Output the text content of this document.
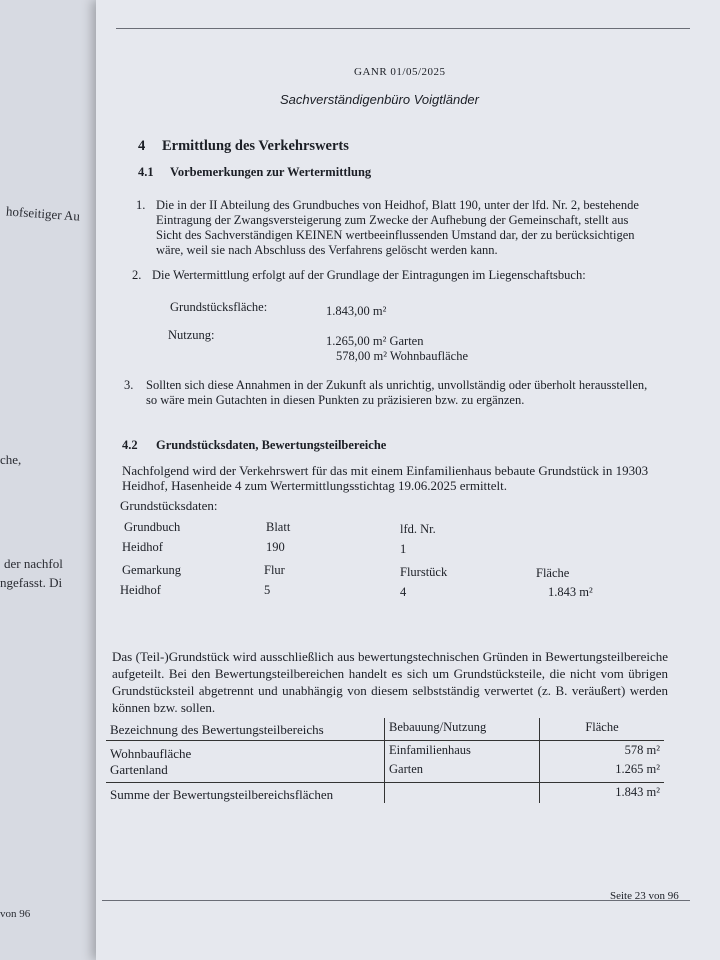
hofseitiger Au
che,
der nachfol
ngefasst. Di
von 96
GANR 01/05/2025
Sachverständigenbüro Voigtländer
4 Ermittlung des Verkehrswerts
4.1 Vorbemerkungen zur Wertermittlung
1. Die in der II Abteilung des Grundbuches von Heidhof, Blatt 190, unter der lfd. Nr. 2, bestehende Eintragung der Zwangsversteigerung zum Zwecke der Aufhebung der Gemeinschaft, stellt aus Sicht des Sachverständigen KEINEN wertbeeinflussenden Umstand dar, der zu berücksichtigen wäre, weil sie nach Abschluss des Verfahrens gelöscht werden kann.
2. Die Wertermittlung erfolgt auf der Grundlage der Eintragungen im Liegenschaftsbuch:
Grundstücksfläche:	1.843,00 m²
Nutzung:	1.265,00 m² Garten
578,00 m² Wohnbaufläche
3. Sollten sich diese Annahmen in der Zukunft als unrichtig, unvollständig oder überholt herausstellen, so wäre mein Gutachten in diesen Punkten zu präzisieren bzw. zu ergänzen.
4.2 Grundstücksdaten, Bewertungsteilbereiche
Nachfolgend wird der Verkehrswert für das mit einem Einfamilienhaus bebaute Grundstück in 19303 Heidhof, Hasenheide 4 zum Wertermittlungsstichtag 19.06.2025 ermittelt.
Grundstücksdaten:
Grundbuch	Blatt	lfd. Nr.
Heidhof	190	1
Gemarkung	Flur	Flurstück	Fläche
Heidhof	5	4	1.843 m²
Das (Teil-)Grundstück wird ausschließlich aus bewertungstechnischen Gründen in Bewertungsteilbereiche aufgeteilt. Bei den Bewertungsteilbereichen handelt es sich um Grundstücksteile, die nicht vom übrigen Grundstücksteil abgetrennt und unabhängig von diesem selbstständig verwertet (z. B. veräußert) werden können bzw. sollen.
Bezeichnung des Bewertungsteilbereichs	Bebauung/Nutzung	Fläche
Wohnbaufläche	Einfamilienhaus	578 m²
Gartenland	Garten	1.265 m²
Summe der Bewertungsteilbereichsflächen		1.843 m²
Seite 23 von 96
